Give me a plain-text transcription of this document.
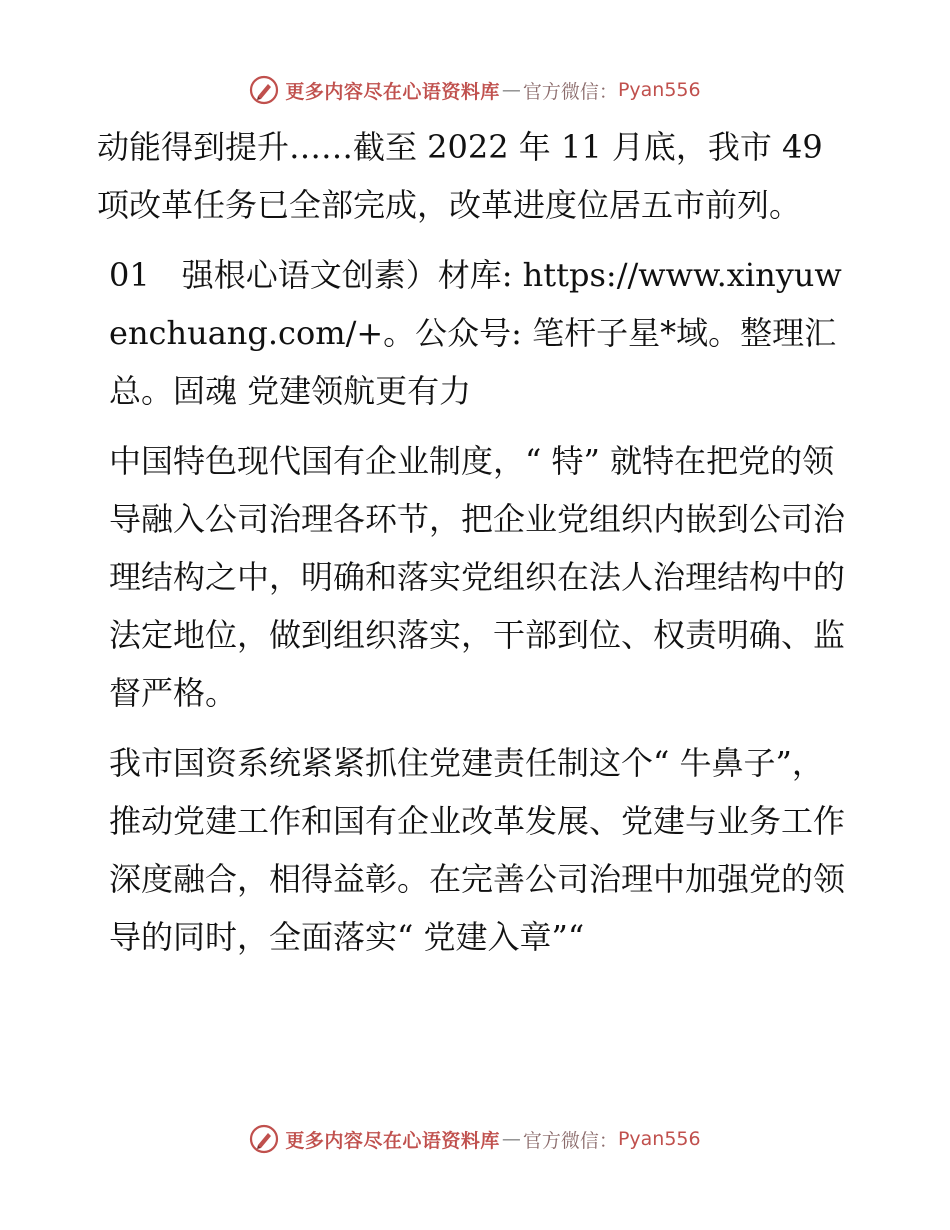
更多内容尽在心语资料库 — 官方微信： Pyan556

动能得到提升……截至 2022 年 11 月底，我市 49 项改革任务已全部完成，改革进度位居五市前列。

01　强根心语文创素）材库: https://www.xinyuwenchuang.com/+。公众号: 笔杆子星*域。整理汇总。固魂 党建领航更有力

中国特色现代国有企业制度，“ 特” 就特在把党的领导融入公司治理各环节，把企业党组织内嵌到公司治理结构之中，明确和落实党组织在法人治理结构中的法定地位，做到组织落实，干部到位、权责明确、监督严格。

我市国资系统紧紧抓住党建责任制这个“ 牛鼻子”，推动党建工作和国有企业改革发展、党建与业务工作深度融合，相得益彰。在完善公司治理中加强党的领导的同时，全面落实“ 党建入章”“

更多内容尽在心语资料库 — 官方微信： Pyan556
